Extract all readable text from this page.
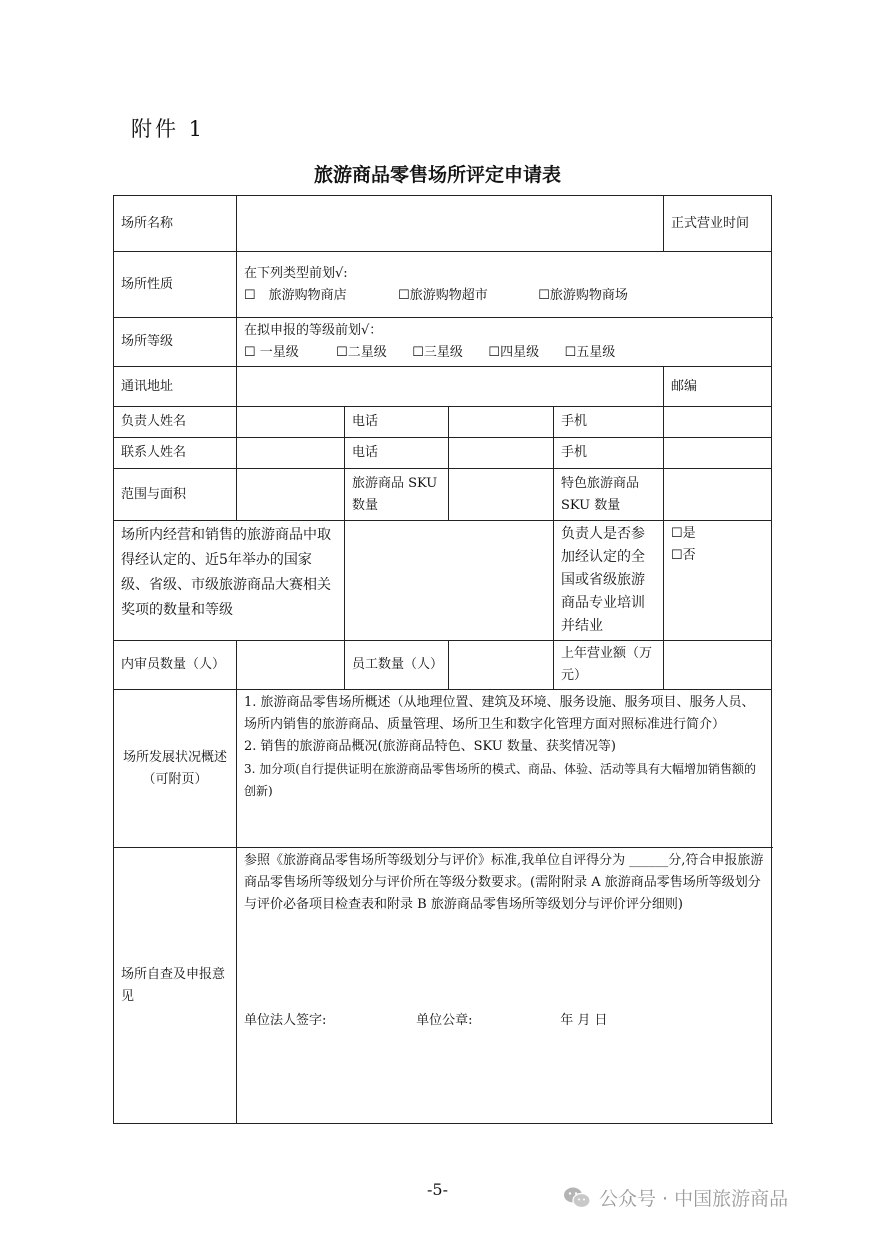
附件 1
旅游商品零售场所评定申请表
场所名称					正式营业时间	
场所性质	在下列类型前划√:
☐　旅游购物商店 ☐旅游购物超市 ☐旅游购物商场					

场所等级	在拟申报的等级前划√：
☐ 一星级 ☐二星级 ☐三星级 ☐四星级 ☐五星级					

通讯地址					邮编	
负责人姓名		电话		手机		
联系人姓名		电话		手机		
范围与面积		旅游商品 SKU 数量		特色旅游商品 SKU 数量		
场所内经营和销售的旅游商品中取得经认定的、近5年举办的国家级、省级、市级旅游商品大赛相关奖项的数量和等级				负责人是否参加经认定的全国或省级旅游商品专业培训并结业	☐是
☐否	

内审员数量（人）		员工数量（人）		上年营业额（万元）		
场所发展状况概述（可附页）	1. 旅游商品零售场所概述（从地理位置、建筑及环境、服务设施、服务项目、服务人员、场所内销售的旅游商品、质量管理、场所卫生和数字化管理方面对照标准进行简介）
2. 销售的旅游商品概况(旅游商品特色、SKU 数量、获奖情况等)
3. 加分项(自行提供证明在旅游商品零售场所的模式、商品、体验、活动等具有大幅增加销售额的创新)					

场所自查及申报意见	参照《旅游商品零售场所等级划分与评价》标准,我单位自评得分为 ______分,符合申报旅游商品零售场所等级划分与评价所在等级分数要求。(需附附录 A 旅游商品零售场所等级划分与评价必备项目检查表和附录 B 旅游商品零售场所等级划分与评价评分细则)
单位法人签字: 单位公章: 年 月 日					
-5-	公众号 · 中国旅游商品
